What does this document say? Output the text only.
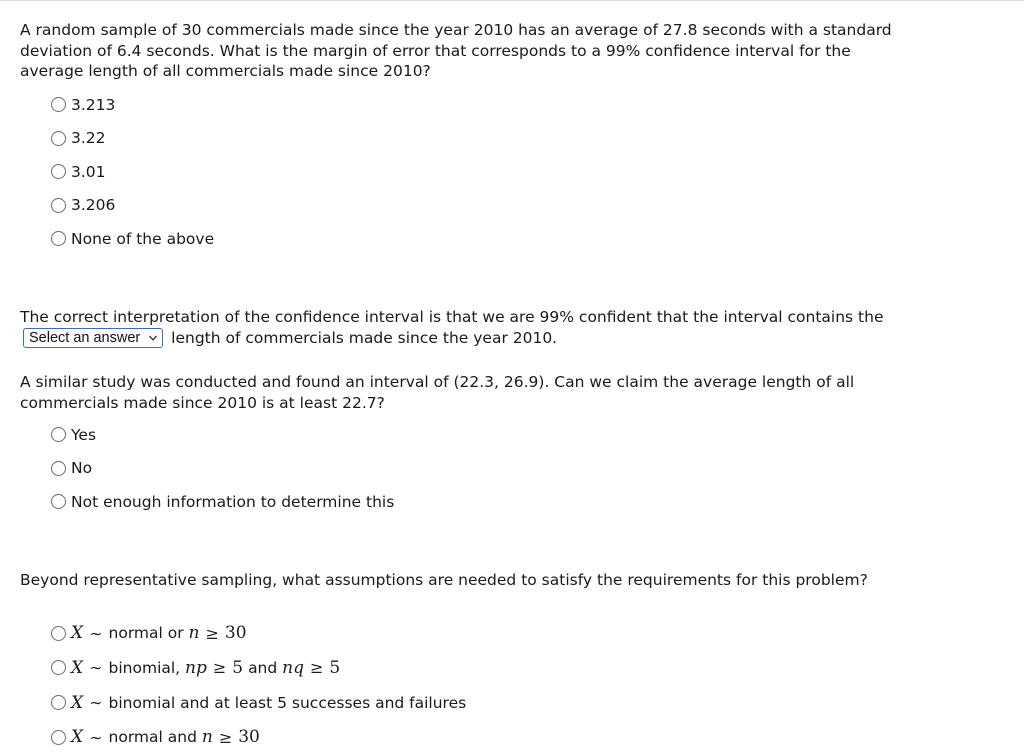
A random sample of 30 commercials made since the year 2010 has an average of 27.8 seconds with a standard deviation of 6.4 seconds. What is the margin of error that corresponds to a 99% confidence interval for the average length of all commercials made since 2010?

3.213
3.22
3.01
3.206
None of the above

The correct interpretation of the confidence interval is that we are 99% confident that the interval contains the
Select an answer length of commercials made since the year 2010.

A similar study was conducted and found an interval of (22.3, 26.9). Can we claim the average length of all commercials made since 2010 is at least 22.7?

Yes
No
Not enough information to determine this

Beyond representative sampling, what assumptions are needed to satisfy the requirements for this problem?

X ∼ normal or
n ≥ 30
X ∼ binomial,
np ≥ 5
and
nq ≥ 5
X ∼ binomial and at least 5 successes and failures
X ∼ normal and
n ≥ 30
